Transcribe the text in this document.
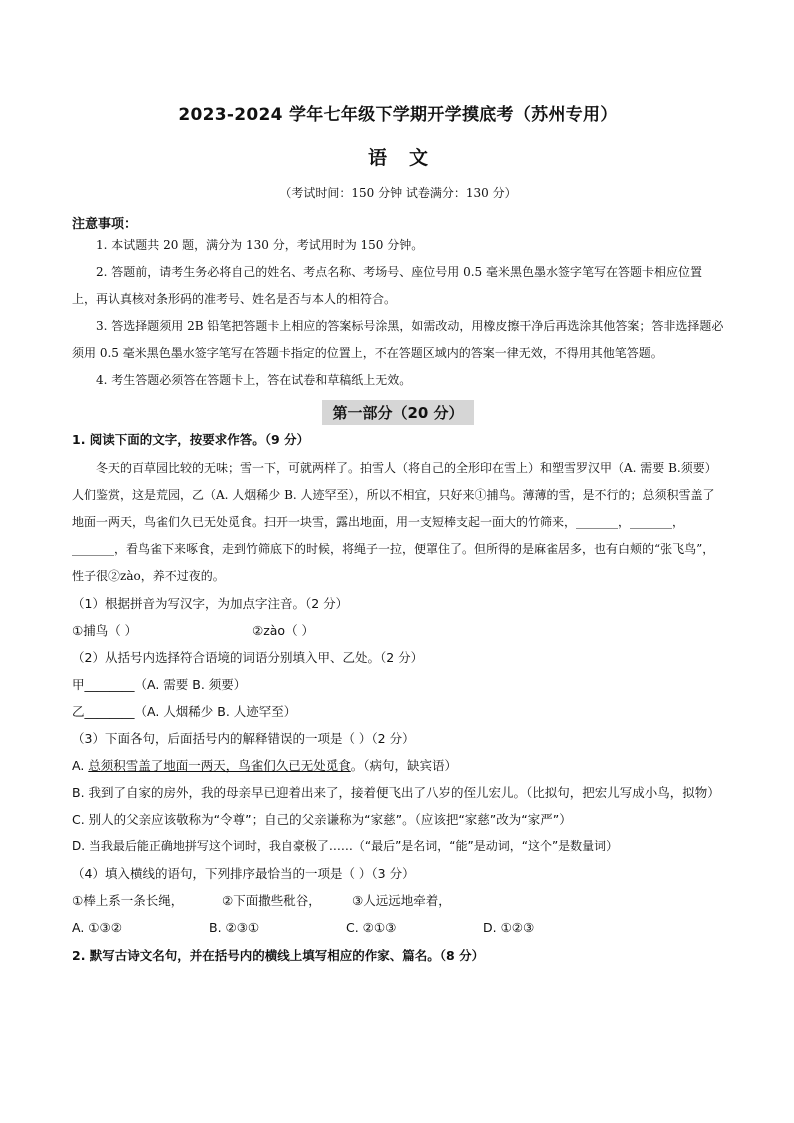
2023-2024 学年七年级下学期开学摸底考（苏州专用）
语文
（考试时间：150 分钟 试卷满分：130 分）
注意事项：

1. 本试题共 20 题，满分为 130 分，考试用时为 150 分钟。

2. 答题前，请考生务必将自己的姓名、考点名称、考场号、座位号用 0.5 毫米黑色墨水签字笔写在答题卡相应位置上，再认真核对条形码的准考号、姓名是否与本人的相符合。

3. 答选择题须用 2B 铅笔把答题卡上相应的答案标号涂黑，如需改动，用橡皮擦干净后再选涂其他答案；答非选择题必须用 0.5 毫米黑色墨水签字笔写在答题卡指定的位置上，不在答题区域内的答案一律无效，不得用其他笔答题。

4. 考生答题必须答在答题卡上，答在试卷和草稿纸上无效。

第一部分（20 分）
1. 阅读下面的文字，按要求作答。（9 分）

冬天的百草园比较的无味；雪一下，可就两样了。拍雪人（将自己的全形印在雪上）和塑雪罗汉甲（A. 需要 B.须要）人们鉴赏，这是荒园，乙（A. 人烟稀少 B. 人迹罕至），所以不相宜，只好来①捕鸟。薄薄的雪，是不行的；总须积雪盖了地面一两天，鸟雀们久已无处觅食。扫开一块雪，露出地面，用一支短棒支起一面大的竹筛来，_______，_______，_______，看鸟雀下来啄食，走到竹筛底下的时候，将绳子一拉，便罩住了。但所得的是麻雀居多，也有白颊的“张飞鸟”，性子很②zào，养不过夜的。

（1）根据拼音为写汉字，为加点字注音。（2 分）

①捕鸟（ ）	②zào（ ）

（2）从括号内选择符合语境的词语分别填入甲、乙处。（2 分）

甲________（A. 需要 B. 须要）

乙________（A. 人烟稀少 B. 人迹罕至）

（3）下面各句，后面括号内的解释错误的一项是（ ）（2 分）

A. 总须积雪盖了地面一两天，鸟雀们久已无处觅食。（病句，缺宾语）

B. 我到了自家的房外，我的母亲早已迎着出来了，接着便飞出了八岁的侄儿宏儿。（比拟句，把宏儿写成小鸟，拟物）

C. 别人的父亲应该敬称为“令尊”；自己的父亲谦称为“家慈”。（应该把“家慈”改为“家严”）

D. 当我最后能正确地拼写这个词时，我自豪极了……（“最后”是名词，“能”是动词，“这个”是数量词）

（4）填入横线的语句，下列排序最恰当的一项是（ ）（3 分）

①棒上系一条长绳，	②下面撒些秕谷，	③人远远地牵着，
A. ①③②	B. ②③①	C. ②①③	D. ①②③
2. 默写古诗文名句，并在括号内的横线上填写相应的作家、篇名。（8 分）
